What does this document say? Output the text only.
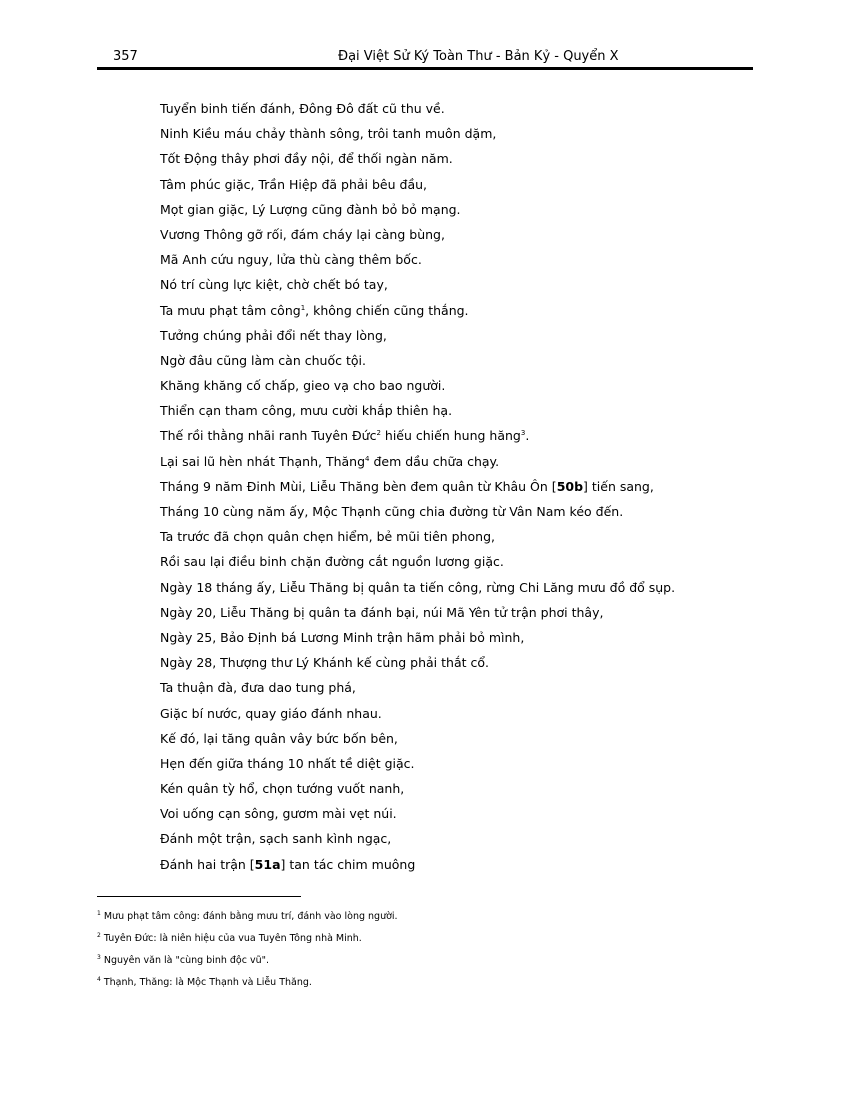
357	Đại Việt Sử Ký Toàn Thư - Bản Kỷ - Quyển X
Tuyển binh tiến đánh, Đông Đô đất cũ thu về.
Ninh Kiều máu chảy thành sông, trôi tanh muôn dặm,
Tốt Động thây phơi đầy nội, để thối ngàn năm.
Tâm phúc giặc, Trần Hiệp đã phải bêu đầu,
Mọt gian giặc, Lý Lượng cũng đành bỏ bỏ mạng.
Vương Thông gỡ rối, đám cháy lại càng bùng,
Mã Anh cứu nguy, lửa thù càng thêm bốc.
Nó trí cùng lực kiệt, chờ chết bó tay,
Ta mưu phạt tâm công$^1$, không chiến cũng thắng.
Tưởng chúng phải đổi nết thay lòng,
Ngờ đâu cũng làm càn chuốc tội.
Khăng khăng cố chấp, gieo vạ cho bao người.
Thiển cạn tham công, mưu cười khắp thiên hạ.
Thế rồi thằng nhãi ranh Tuyên Đức$^2$ hiếu chiến hung hăng$^3$.
Lại sai lũ hèn nhát Thạnh, Thăng$^4$ đem dầu chữa chạy.
Tháng 9 năm Đinh Mùi, Liễu Thăng bèn đem quân từ Khâu Ôn [50b] tiến sang,
Tháng 10 cùng năm ấy, Mộc Thạnh cũng chia đường từ Vân Nam kéo đến.
Ta trước đã chọn quân chẹn hiểm, bẻ mũi tiên phong,
Rồi sau lại điều binh chặn đường cắt nguồn lương giặc.
Ngày 18 tháng ấy, Liễu Thăng bị quân ta tiến công, rừng Chi Lăng mưu đồ đổ sụp.
Ngày 20, Liễu Thăng bị quân ta đánh bại, núi Mã Yên tử trận phơi thây,
Ngày 25, Bảo Định bá Lương Minh trận hãm phải bỏ mình,
Ngày 28, Thượng thư Lý Khánh kế cùng phải thắt cổ.
Ta thuận đà, đưa dao tung phá,
Giặc bí nước, quay giáo đánh nhau.
Kế đó, lại tăng quân vây bức bốn bên,
Hẹn đến giữa tháng 10 nhất tề diệt giặc.
Kén quân tỳ hổ, chọn tướng vuốt nanh,
Voi uống cạn sông, gươm mài vẹt núi.
Đánh một trận, sạch sanh kình ngạc,
Đánh hai trận [51a] tan tác chim muông
$^1$ Mưu phạt tâm công: đánh bằng mưu trí, đánh vào lòng người.
$^2$ Tuyên Đức: là niên hiệu của vua Tuyên Tông nhà Minh.
$^3$ Nguyên văn là "cùng binh độc vũ".
$^4$ Thạnh, Thăng: là Mộc Thạnh và Liễu Thăng.
